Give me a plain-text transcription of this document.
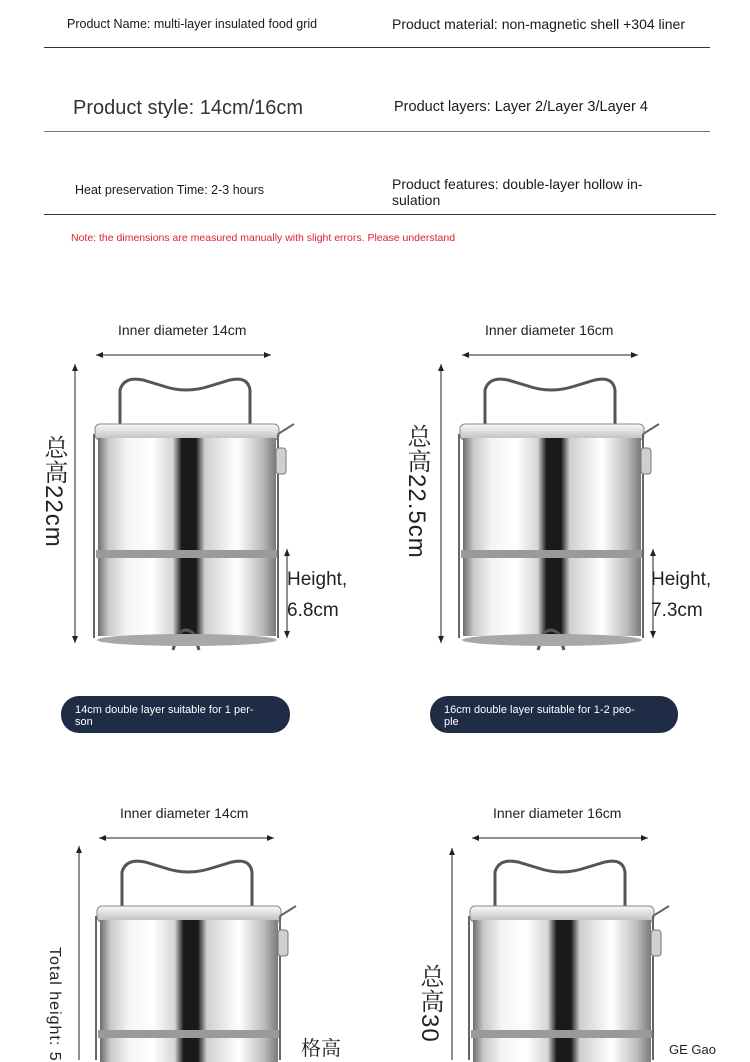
Product Name: multi-layer insulated food grid	Product material: non-magnetic shell +304 liner
Product style: 14cm/16cm	Product layers: Layer 2/Layer 3/Layer 4
Heat preservation Time: 2-3 hours	Product features: double-layer hollow in-
sulation
Note: the dimensions are measured manually with slight errors. Please understand
Inner diameter 14cm
总高22cm
Height,
6.8cm
14cm double layer suitable for 1 per-
son
Inner diameter 16cm
总高22.5cm
Height,
7.3cm
16cm double layer suitable for 1-2 peo-
ple
Inner diameter 14cm
Total height: 5	格高
Inner diameter 16cm
总高30
GE Gao
